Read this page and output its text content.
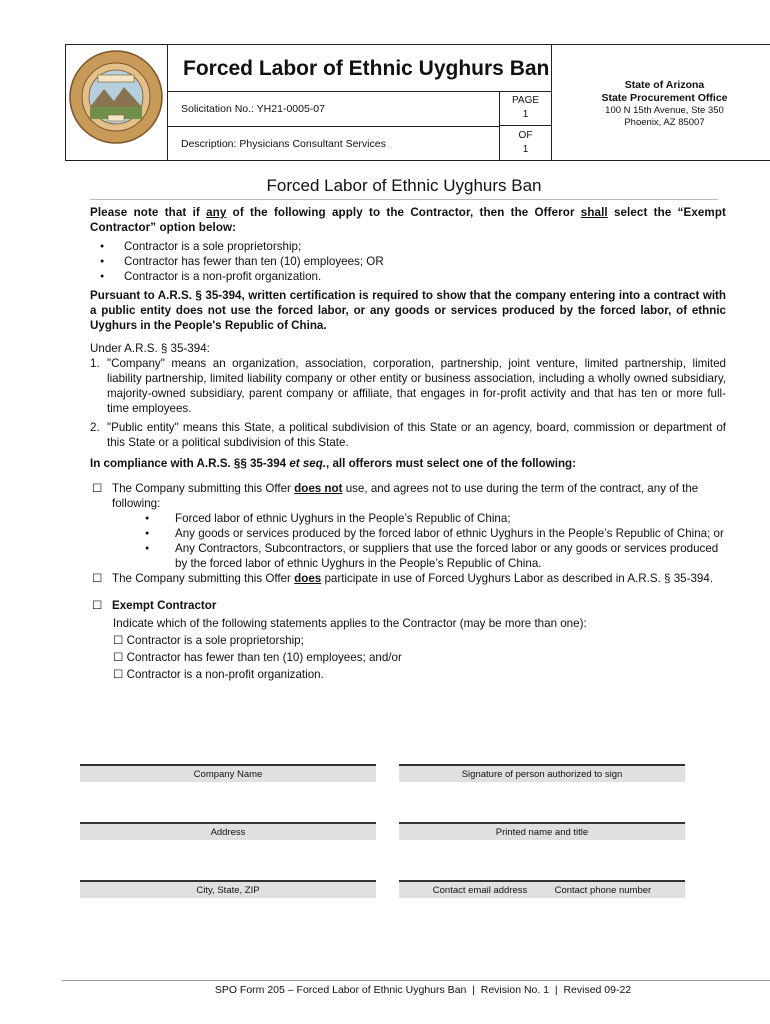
Forced Labor of Ethnic Uyghurs Ban
Solicitation No.: YH21-0005-07
Description: Physicians Consultant Services
PAGE
1
OF
1
State of Arizona
State Procurement Office
100 N 15th Avenue, Ste 350
Phoenix, AZ 85007
Forced Labor of Ethnic Uyghurs Ban

Please note that if any of the following apply to the Contractor, then the Offeror shall select the “Exempt Contractor” option below:

● Contractor is a sole proprietorship;
● Contractor has fewer than ten (10) employees; OR
● Contractor is a non-profit organization.

Pursuant to A.R.S. § 35-394, written certification is required to show that the company entering into a contract with a public entity does not use the forced labor, or any goods or services produced by the forced labor, of ethnic Uyghurs in the People's Republic of China.

Under A.R.S. § 35-394:

1. "Company" means an organization, association, corporation, partnership, joint venture, limited partnership, limited liability partnership, limited liability company or other entity or business association, including a wholly owned subsidiary, majority-owned subsidiary, parent company or affiliate, that engages in for-profit activity and that has ten or more full-time employees.
2. "Public entity" means this State, a political subdivision of this State or an agency, board, commission or department of this State or a political subdivision of this State.

In compliance with A.R.S. §§ 35-394 et seq., all offerors must select one of the following:

☐ The Company submitting this Offer does not use, and agrees not to use during the term of the contract, any of the following:
● Forced labor of ethnic Uyghurs in the People’s Republic of China;
● Any goods or services produced by the forced labor of ethnic Uyghurs in the People’s Republic of China; or
● Any Contractors, Subcontractors, or suppliers that use the forced labor or any goods or services produced by the forced labor of ethnic Uyghurs in the People’s Republic of China.
☐ The Company submitting this Offer does participate in use of Forced Uyghurs Labor as described in A.R.S. § 35-394.
☐ Exempt Contractor
Indicate which of the following statements applies to the Contractor (may be more than one):
☐ Contractor is a sole proprietorship;
☐ Contractor has fewer than ten (10) employees; and/or
☐ Contractor is a non-profit organization.
Company Name	Signature of person authorized to sign
Address	Printed name and title
City, State, ZIP	Contact email address	Contact phone number
SPO Form 205 – Forced Labor of Ethnic Uyghurs Ban  |  Revision No. 1  |  Revised 09-22
